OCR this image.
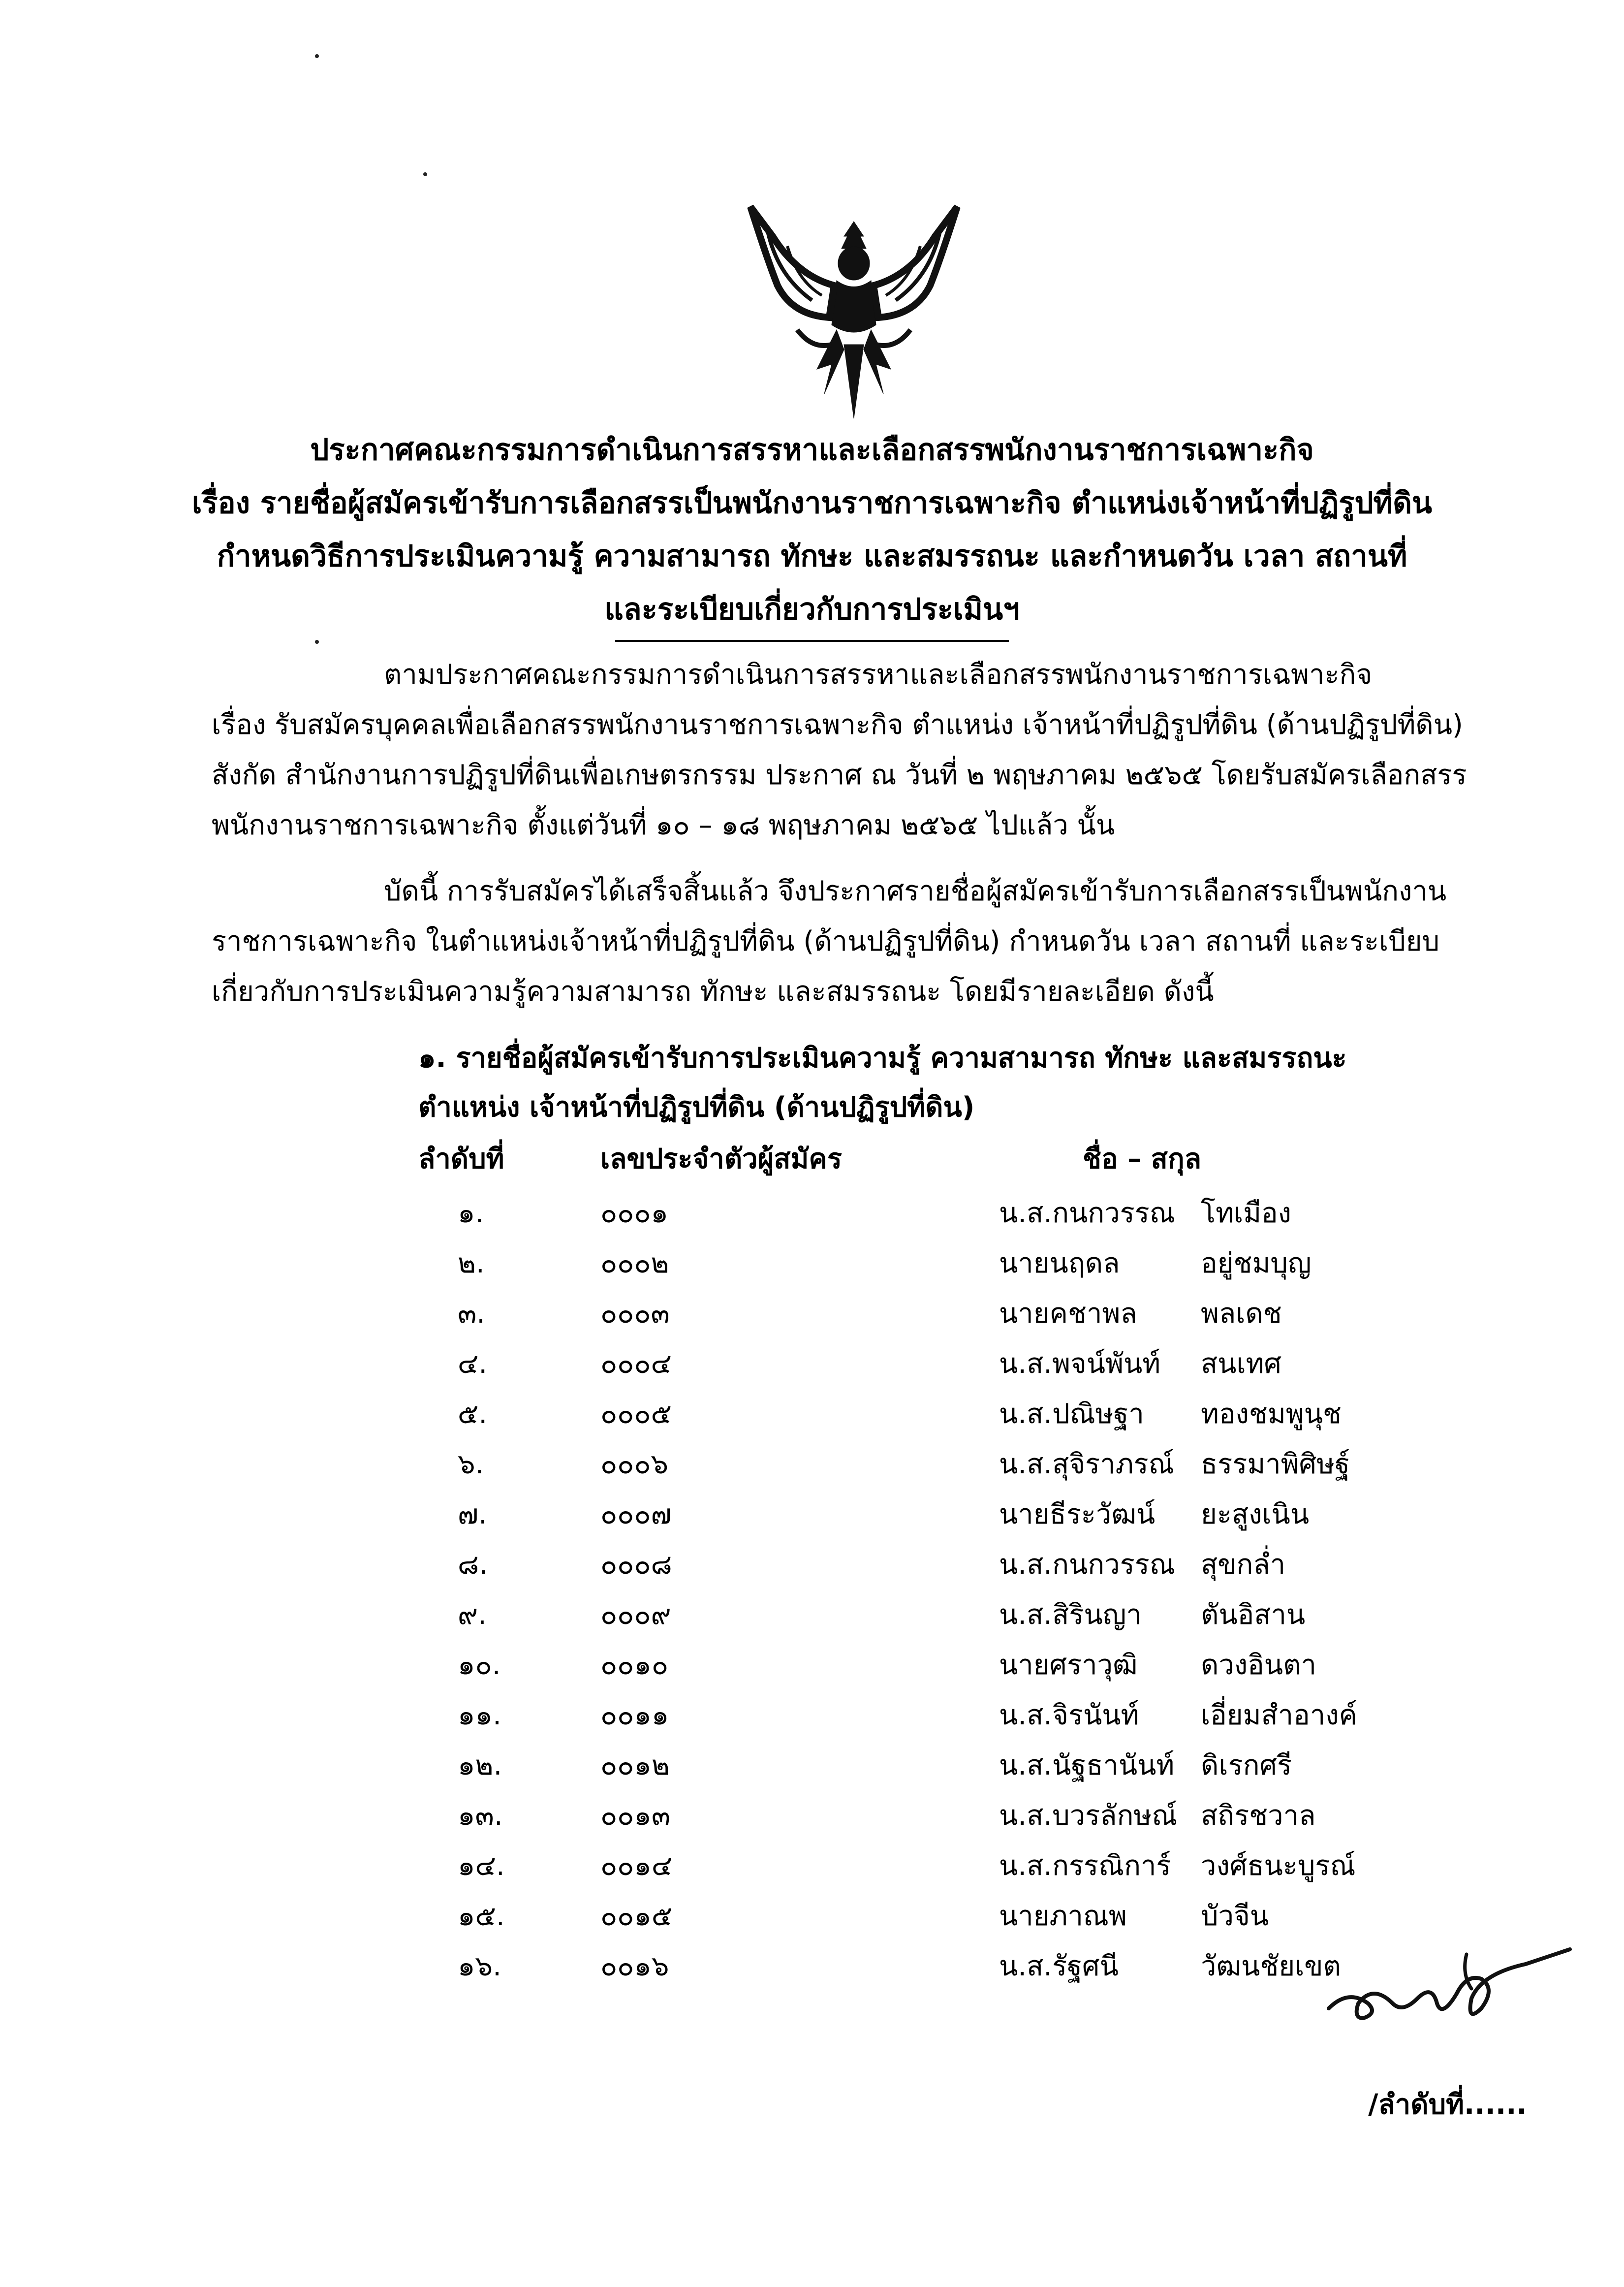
ประกาศคณะกรรมการดำเนินการสรรหาและเลือกสรรพนักงานราชการเฉพาะกิจ
เรื่อง รายชื่อผู้สมัครเข้ารับการเลือกสรรเป็นพนักงานราชการเฉพาะกิจ ตำแหน่งเจ้าหน้าที่ปฏิรูปที่ดิน
กำหนดวิธีการประเมินความรู้ ความสามารถ ทักษะ และสมรรถนะ และกำหนดวัน เวลา สถานที่
และระเบียบเกี่ยวกับการประเมินฯ

ตามประกาศคณะกรรมการดำเนินการสรรหาและเลือกสรรพนักงานราชการเฉพาะกิจ

เรื่อง รับสมัครบุคคลเพื่อเลือกสรรพนักงานราชการเฉพาะกิจ ตำแหน่ง เจ้าหน้าที่ปฏิรูปที่ดิน (ด้านปฏิรูปที่ดิน)

สังกัด สำนักงานการปฏิรูปที่ดินเพื่อเกษตรกรรม ประกาศ ณ วันที่ ๒ พฤษภาคม ๒๕๖๕ โดยรับสมัครเลือกสรร

พนักงานราชการเฉพาะกิจ ตั้งแต่วันที่ ๑๐ – ๑๘ พฤษภาคม ๒๕๖๕ ไปแล้ว นั้น

บัดนี้ การรับสมัครได้เสร็จสิ้นแล้ว จึงประกาศรายชื่อผู้สมัครเข้ารับการเลือกสรรเป็นพนักงาน

ราชการเฉพาะกิจ ในตำแหน่งเจ้าหน้าที่ปฏิรูปที่ดิน (ด้านปฏิรูปที่ดิน) กำหนดวัน เวลา สถานที่ และระเบียบ

เกี่ยวกับการประเมินความรู้ความสามารถ ทักษะ และสมรรถนะ โดยมีรายละเอียด ดังนี้

๑. รายชื่อผู้สมัครเข้ารับการประเมินความรู้ ความสามารถ ทักษะ และสมรรถนะ

ตำแหน่ง เจ้าหน้าที่ปฏิรูปที่ดิน (ด้านปฏิรูปที่ดิน)

ลำดับที่	เลขประจำตัวผู้สมัคร	ชื่อ – สกุล
๑.	๐๐๐๑	น.ส.กนกวรรณ โทเมือง
๒.	๐๐๐๒	นายนฤดล	อยู่ชมบุญ
๓.	๐๐๐๓	นายคชาพล พลเดช
๔.	๐๐๐๔	น.ส.พจน์พันท์ สนเทศ
๕.	๐๐๐๕	น.ส.ปณิษฐา ทองชมพูนุช
๖.	๐๐๐๖	น.ส.สุจิราภรณ์ ธรรมาพิศิษฐ์
๗.	๐๐๐๗	นายธีระวัฒน์ ยะสูงเนิน
๘.	๐๐๐๘	น.ส.กนกวรรณ สุขกล่ำ
๙.	๐๐๐๙	น.ส.สิรินญา ตันอิสาน
๑๐.	๐๐๑๐	นายศราวุฒิ ดวงอินตา
๑๑.	๐๐๑๑	น.ส.จิรนันท์ เอี่ยมสำอางค์
๑๒.	๐๐๑๒	น.ส.นัฐธานันท์ ดิเรกศรี
๑๓.	๐๐๑๓	น.ส.บวรลักษณ์ สถิรชวาล
๑๔.	๐๐๑๔	น.ส.กรรณิการ์ วงศ์ธนะบูรณ์
๑๕.	๐๐๑๕	นายภาณพ	บัวจีน
๑๖.	๐๐๑๖	น.ส.รัฐศนี	วัฒนชัยเขต
/ลำดับที่......
